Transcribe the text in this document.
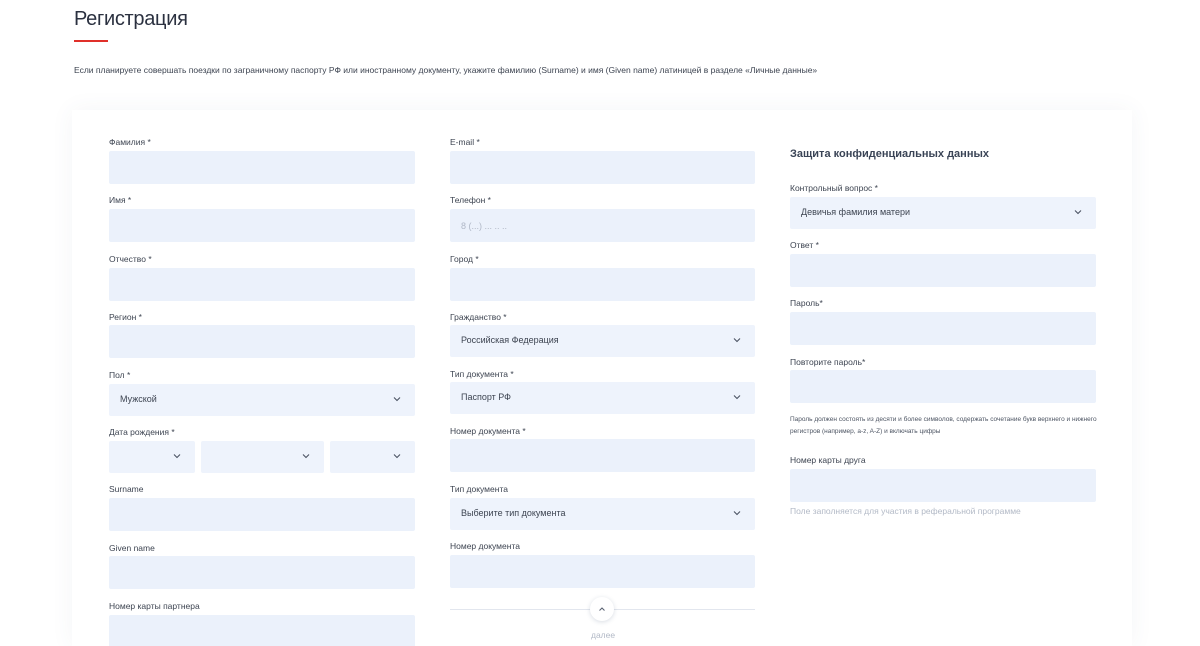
Регистрация

Если планируете совершать поездки по заграничному паспорту РФ или иностранному документу, укажите фамилию (Surname) и имя (Given name) латиницей в разделе «Личные данные»

Фамилия *
Имя *
Отчество *
Регион *
Пол *
Мужской
Дата рождения *
Surname
Given name
Номер карты партнера
E-mail *
Телефон *
8 (...) ... .. ..
Город *
Гражданство *
Российская Федерация
Тип документа *
Паспорт РФ
Номер документа *
Тип документа
Выберите тип документа
Номер документа
далее
Защита конфиденциальных данных
Контрольный вопрос *
Девичья фамилия матери
Ответ *
Пароль*
Повторите пароль*

Пароль должен состоять из десяти и более символов, содержать сочетание букв верхнего и нижнего регистров (например, a-z, A-Z) и включать цифры

Номер карты друга
Поле заполняется для участия в реферальной программе
